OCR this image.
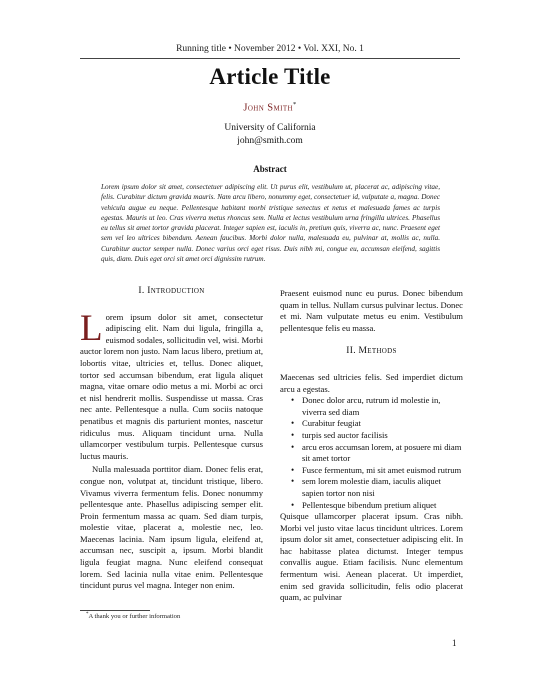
Running title • November 2012 • Vol. XXI, No. 1
Article Title
John Smith*
University of California
john@smith.com
Abstract
Lorem ipsum dolor sit amet, consectetuer adipiscing elit. Ut purus elit, vestibulum ut, placerat ac, adipiscing vitae, felis. Curabitur dictum gravida mauris. Nam arcu libero, nonummy eget, consectetuer id, vulputate a, magna. Donec vehicula augue eu neque. Pellentesque habitant morbi tristique senectus et netus et malesuada fames ac turpis egestas. Mauris ut leo. Cras viverra metus rhoncus sem. Nulla et lectus vestibulum urna fringilla ultrices. Phasellus eu tellus sit amet tortor gravida placerat. Integer sapien est, iaculis in, pretium quis, viverra ac, nunc. Praesent eget sem vel leo ultrices bibendum. Aenean faucibus. Morbi dolor nulla, malesuada eu, pulvinar at, mollis ac, nulla. Curabitur auctor semper nulla. Donec varius orci eget risus. Duis nibh mi, congue eu, accumsan eleifend, sagittis quis, diam. Duis eget orci sit amet orci dignissim rutrum.
I. Introduction

Lorem ipsum dolor sit amet, consectetur adipiscing elit. Nam dui ligula, fringilla a, euismod sodales, sollicitudin vel, wisi. Morbi auctor lorem non justo. Nam lacus libero, pretium at, lobortis vitae, ultricies et, tellus. Donec aliquet, tortor sed accumsan bibendum, erat ligula aliquet magna, vitae ornare odio metus a mi. Morbi ac orci et nisl hendrerit mollis. Suspendisse ut massa. Cras nec ante. Pellentesque a nulla. Cum sociis natoque penatibus et magnis dis parturient montes, nascetur ridiculus mus. Aliquam tincidunt urna. Nulla ullamcorper vestibulum turpis. Pellentesque cursus luctus mauris.

Nulla malesuada porttitor diam. Donec felis erat, congue non, volutpat at, tincidunt tristique, libero. Vivamus viverra fermentum felis. Donec nonummy pellentesque ante. Phasellus adipiscing semper elit. Proin fermentum massa ac quam. Sed diam turpis, molestie vitae, placerat a, molestie nec, leo. Maecenas lacinia. Nam ipsum ligula, eleifend at, accumsan nec, suscipit a, ipsum. Morbi blandit ligula feugiat magna. Nunc eleifend consequat lorem. Sed lacinia nulla vitae enim. Pellentesque tincidunt purus vel magna. Integer non enim.

Praesent euismod nunc eu purus. Donec bibendum quam in tellus. Nullam cursus pulvinar lectus. Donec et mi. Nam vulputate metus eu enim. Vestibulum pellentesque felis eu massa.

II. Methods

Maecenas sed ultricies felis. Sed imperdiet dictum arcu a egestas.

• Donec dolor arcu, rutrum id molestie in, viverra sed diam
• Curabitur feugiat
• turpis sed auctor facilisis
• arcu eros accumsan lorem, at posuere mi diam sit amet tortor
• Fusce fermentum, mi sit amet euismod rutrum
• sem lorem molestie diam, iaculis aliquet sapien tortor non nisi
• Pellentesque bibendum pretium aliquet

Quisque ullamcorper placerat ipsum. Cras nibh. Morbi vel justo vitae lacus tincidunt ultrices. Lorem ipsum dolor sit amet, consectetuer adipiscing elit. In hac habitasse platea dictumst. Integer tempus convallis augue. Etiam facilisis. Nunc elementum fermentum wisi. Aenean placerat. Ut imperdiet, enim sed gravida sollicitudin, felis odio placerat quam, ac pulvinar

*A thank you or further information
1
